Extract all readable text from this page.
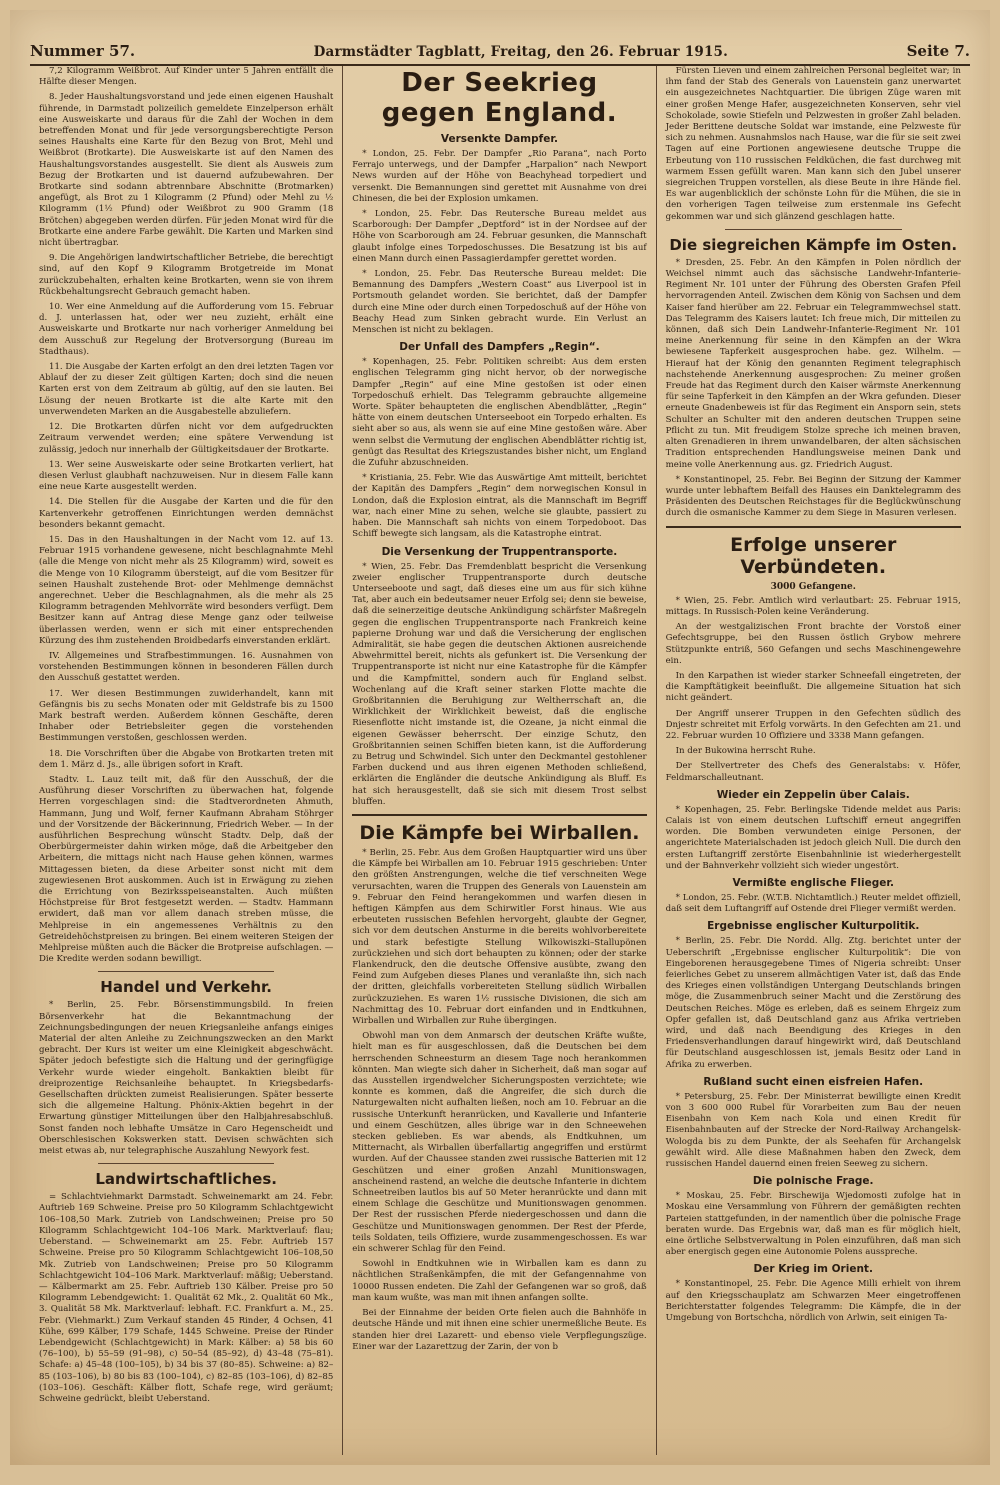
Nummer 57.	Darmstädter Tagblatt, Freitag, den 26. Februar 1915.	Seite 7.

7,2 Kilogramm Weißbrot. Auf Kinder unter 5 Jahren entfällt die Hälfte dieser Mengen.

8. Jeder Haushaltungsvorstand und jede einen eigenen Haushalt führende, in Darmstadt polizeilich gemeldete Einzelperson erhält eine Ausweiskarte und daraus für die Zahl der Wochen in dem betreffenden Monat und für jede versorgungsberechtigte Person seines Haushalts eine Karte für den Bezug von Brot, Mehl und Weißbrot (Brotkarte). Die Ausweiskarte ist auf den Namen des Haushaltungsvorstandes ausgestellt. Sie dient als Ausweis zum Bezug der Brotkarten und ist dauernd aufzubewahren. Der Brotkarte sind sodann abtrennbare Abschnitte (Brotmarken) angefügt, als Brot zu 1 Kilogramm (2 Pfund) oder Mehl zu ½ Kilogramm (1½ Pfund) oder Weißbrot zu 900 Gramm (18 Brötchen) abgegeben werden dürfen. Für jeden Monat wird für die Brotkarte eine andere Farbe gewählt. Die Karten und Marken sind nicht übertragbar.

9. Die Angehörigen landwirtschaftlicher Betriebe, die berechtigt sind, auf den Kopf 9 Kilogramm Brotgetreide im Monat zurückzubehalten, erhalten keine Brotkarten, wenn sie von ihrem Rückbehaltungsrecht Gebrauch gemacht haben.

10. Wer eine Anmeldung auf die Aufforderung vom 15. Februar d. J. unterlassen hat, oder wer neu zuzieht, erhält eine Ausweiskarte und Brotkarte nur nach vorheriger Anmeldung bei dem Ausschuß zur Regelung der Brotversorgung (Bureau im Stadthaus).

11. Die Ausgabe der Karten erfolgt an den drei letzten Tagen vor Ablauf der zu dieser Zeit gültigen Karten; doch sind die neuen Karten erst von dem Zeitraum ab gültig, auf den sie lauten. Bei Lösung der neuen Brotkarte ist die alte Karte mit den unverwendeten Marken an die Ausgabestelle abzuliefern.

12. Die Brotkarten dürfen nicht vor dem aufgedruckten Zeitraum verwendet werden; eine spätere Verwendung ist zulässig, jedoch nur innerhalb der Gültigkeitsdauer der Brotkarte.

13. Wer seine Ausweiskarte oder seine Brotkarten verliert, hat diesen Verlust glaubhaft nachzuweisen. Nur in diesem Falle kann eine neue Karte ausgestellt werden.

14. Die Stellen für die Ausgabe der Karten und die für den Kartenverkehr getroffenen Einrichtungen werden demnächst besonders bekannt gemacht.

15. Das in den Haushaltungen in der Nacht vom 12. auf 13. Februar 1915 vorhandene gewesene, nicht beschlagnahmte Mehl (alle die Menge von nicht mehr als 25 Kilogramm) wird, soweit es die Menge von 10 Kilogramm übersteigt, auf die vom Besitzer für seinen Haushalt zustehende Brot- oder Mehlmenge demnächst angerechnet. Ueber die Beschlagnahmen, als die mehr als 25 Kilogramm betragenden Mehlvorräte wird besonders verfügt. Dem Besitzer kann auf Antrag diese Menge ganz oder teilweise überlassen werden, wenn er sich mit einer entsprechenden Kürzung des ihm zustehenden Broidbedarfs einverstanden erklärt.

IV. Allgemeines und Strafbestimmungen. 16. Ausnahmen von vorstehenden Bestimmungen können in besonderen Fällen durch den Ausschuß gestattet werden.

17. Wer diesen Bestimmungen zuwiderhandelt, kann mit Gefängnis bis zu sechs Monaten oder mit Geldstrafe bis zu 1500 Mark bestraft werden. Außerdem können Geschäfte, deren Inhaber oder Betriebsleiter gegen die vorstehenden Bestimmungen verstoßen, geschlossen werden.

18. Die Vorschriften über die Abgabe von Brotkarten treten mit dem 1. März d. Js., alle übrigen sofort in Kraft.

Stadtv. L. Lauz teilt mit, daß für den Ausschuß, der die Ausführung dieser Vorschriften zu überwachen hat, folgende Herren vorgeschlagen sind: die Stadtverordneten Ahmuth, Hammann, Jung und Wolf, ferner Kaufmann Abraham Stöhrger und der Vorsitzende der Bäckerinnung, Friedrich Weber. — In der ausführlichen Besprechung wünscht Stadtv. Delp, daß der Oberbürgermeister dahin wirken möge, daß die Arbeitgeber den Arbeitern, die mittags nicht nach Hause gehen können, warmes Mittagessen bieten, da diese Arbeiter sonst nicht mit dem zugewiesenen Brot auskommen. Auch ist in Erwägung zu ziehen die Errichtung von Bezirksspeiseanstalten. Auch müßten Höchstpreise für Brot festgesetzt werden. — Stadtv. Hammann erwidert, daß man vor allem danach streben müsse, die Mehlpreise in ein angemessenes Verhältnis zu den Getreidehöchstpreisen zu bringen. Bei einem weiteren Steigen der Mehlpreise müßten auch die Bäcker die Brotpreise aufschlagen. — Die Kredite werden sodann bewilligt.

Handel und Verkehr.

* Berlin, 25. Febr. Börsenstimmungsbild. In freien Börsenverkehr hat die Bekanntmachung der Zeichnungsbedingungen der neuen Kriegsanleihe anfangs einiges Material der alten Anleihe zu Zeichnungszwecken an den Markt gebracht. Der Kurs ist weiter um eine Kleinigkeit abgeschwächt. Später jedoch befestigte sich die Haltung und der geringfügige Verkehr wurde wieder eingeholt. Bankaktien bleibt für dreiprozentige Reichsanleihe behauptet. In Kriegsbedarfs-Gesellschaften drückten zumeist Realisierungen. Später besserte sich die allgemeine Haltung. Phönix-Aktien begehrt in der Erwartung günstiger Mitteilungen über den Halbjahresabschluß. Sonst fanden noch lebhafte Umsätze in Caro Hegenscheidt und Oberschlesischen Kokswerken statt. Devisen schwächten sich meist etwas ab, nur telegraphische Auszahlung Newyork fest.

Landwirtschaftliches.

= Schlachtviehmarkt Darmstadt. Schweinemarkt am 24. Febr. Auftrieb 169 Schweine. Preise pro 50 Kilogramm Schlachtgewicht 106–108,50 Mark. Zutrieb von Landschweinen; Preise pro 50 Kilogramm Schlachtgewicht 104–106 Mark. Marktverlauf: flau; Ueberstand. — Schweinemarkt am 25. Febr. Auftrieb 157 Schweine. Preise pro 50 Kilogramm Schlachtgewicht 106–108,50 Mk. Zutrieb von Landschweinen; Preise pro 50 Kilogramm Schlachtgewicht 104–106 Mark. Marktverlauf: mäßig; Ueberstand. — Kälbermarkt am 25. Febr. Auftrieb 130 Kälber. Preise pro 50 Kilogramm Lebendgewicht: 1. Qualität 62 Mk., 2. Qualität 60 Mk., 3. Qualität 58 Mk. Marktverlauf: lebhaft. F.C. Frankfurt a. M., 25. Febr. (Viehmarkt.) Zum Verkauf standen 45 Rinder, 4 Ochsen, 41 Kühe, 699 Kälber, 179 Schafe, 1445 Schweine. Preise der Rinder Lebendgewicht (Schlachtgewicht) in Mark: Kälber: a) 58 bis 60 (76–100), b) 55–59 (91–98), c) 50–54 (85–92), d) 43–48 (75–81). Schafe: a) 45–48 (100–105), b) 34 bis 37 (80–85). Schweine: a) 82–85 (103–106), b) 80 bis 83 (100–104), c) 82–85 (103–106), d) 82–85 (103–106). Geschäft: Kälber flott, Schafe rege, wird geräumt; Schweine gedrückt, bleibt Ueberstand.

Der Seekrieg gegen England.
Versenkte Dampfer.

* London, 25. Febr. Der Dampfer „Rio Parana“, nach Porto Ferrajo unterwegs, und der Dampfer „Harpalion“ nach Newport News wurden auf der Höhe von Beachyhead torpediert und versenkt. Die Bemannungen sind gerettet mit Ausnahme von drei Chinesen, die bei der Explosion umkamen.

* London, 25. Febr. Das Reutersche Bureau meldet aus Scarborough: Der Dampfer „Deptford“ ist in der Nordsee auf der Höhe von Scarborough am 24. Februar gesunken, die Mannschaft glaubt infolge eines Torpedoschusses. Die Besatzung ist bis auf einen Mann durch einen Passagierdampfer gerettet worden.

* London, 25. Febr. Das Reutersche Bureau meldet: Die Bemannung des Dampfers „Western Coast“ aus Liverpool ist in Portsmouth gelandet worden. Sie berichtet, daß der Dampfer durch eine Mine oder durch einen Torpedoschuß auf der Höhe von Beachy Head zum Sinken gebracht wurde. Ein Verlust an Menschen ist nicht zu beklagen.

Der Unfall des Dampfers „Regin“.

* Kopenhagen, 25. Febr. Politiken schreibt: Aus dem ersten englischen Telegramm ging nicht hervor, ob der norwegische Dampfer „Regin“ auf eine Mine gestoßen ist oder einen Torpedoschuß erhielt. Das Telegramm gebrauchte allgemeine Worte. Später behaupteten die englischen Abendblätter, „Regin“ hätte von einem deutschen Unterseeboot ein Torpedo erhalten. Es sieht aber so aus, als wenn sie auf eine Mine gestoßen wäre. Aber wenn selbst die Vermutung der englischen Abendblätter richtig ist, genügt das Resultat des Kriegszustandes bisher nicht, um England die Zufuhr abzuschneiden.

* Kristiania, 25. Febr. Wie das Auswärtige Amt mitteilt, berichtet der Kapitän des Dampfers „Regin“ dem norwegischen Konsul in London, daß die Explosion eintrat, als die Mannschaft im Begriff war, nach einer Mine zu sehen, welche sie glaubte, passiert zu haben. Die Mannschaft sah nichts von einem Torpedoboot. Das Schiff bewegte sich langsam, als die Katastrophe eintrat.

Die Versenkung der Truppentransporte.

* Wien, 25. Febr. Das Fremdenblatt bespricht die Versenkung zweier englischer Truppentransporte durch deutsche Unterseeboote und sagt, daß dieses eine um aus für sich kühne Tat, aber auch ein bedeutsamer neuer Erfolg sei; denn sie beweise, daß die seinerzeitige deutsche Ankündigung schärfster Maßregeln gegen die englischen Truppentransporte nach Frankreich keine papierne Drohung war und daß die Versicherung der englischen Admiralität, sie habe gegen die deutschen Aktionen ausreichende Abwehrmittel bereit, nichts als gefunkert ist. Die Versenkung der Truppentransporte ist nicht nur eine Katastrophe für die Kämpfer und die Kampfmittel, sondern auch für England selbst. Wochenlang auf die Kraft seiner starken Flotte machte die Großbritannien die Beruhigung zur Weltherrschaft an, die Wirklichkeit der Wirklichkeit beweist, daß die englische Riesenflotte nicht imstande ist, die Ozeane, ja nicht einmal die eigenen Gewässer beherrscht. Der einzige Schutz, den Großbritannien seinen Schiffen bieten kann, ist die Aufforderung zu Betrug und Schwindel. Sich unter den Deckmantel gestohlener Farben duckend und aus ihren eigenen Methoden schließend, erklärten die Engländer die deutsche Ankündigung als Bluff. Es hat sich herausgestellt, daß sie sich mit diesem Trost selbst bluffen.

Die Kämpfe bei Wirballen.

* Berlin, 25. Febr. Aus dem Großen Hauptquartier wird uns über die Kämpfe bei Wirballen am 10. Februar 1915 geschrieben: Unter den größten Anstrengungen, welche die tief verschneiten Wege verursachten, waren die Truppen des Generals von Lauenstein am 9. Februar den Feind herangekommen und warfen diesen in heftigen Kämpfen aus dem Schirwitler Forst hinaus. Wie aus erbeuteten russischen Befehlen hervorgeht, glaubte der Gegner, sich vor dem deutschen Ansturme in die bereits wohlvorbereitete und stark befestigte Stellung Wilkowiszki–Stallupönen zurückziehen und sich dort behaupten zu können; oder der starke Flankendruck, den die deutsche Offensive ausübte, zwang den Feind zum Aufgeben dieses Planes und veranlaßte ihn, sich nach der dritten, gleichfalls vorbereiteten Stellung südlich Wirballen zurückzuziehen. Es waren 1½ russische Divisionen, die sich am Nachmittag des 10. Februar dort einfanden und in Endtkuhnen, Wirballen und Wirballen zur Ruhe übergingen.

Obwohl man von dem Anmarsch der deutschen Kräfte wußte, hielt man es für ausgeschlossen, daß die Deutschen bei dem herrschenden Schneesturm an diesem Tage noch herankommen könnten. Man wiegte sich daher in Sicherheit, daß man sogar auf das Ausstellen irgendwelcher Sicherungsposten verzichtete; wie konnte es kommen, daß die Angreifer, die sich durch die Naturgewalten nicht aufhalten ließen, noch am 10. Februar an die russische Unterkunft heranrücken, und Kavallerie und Infanterie und einem Geschützen, alles übrige war in den Schneewehen stecken geblieben. Es war abends, als Endtkuhnen, um Mitternacht, als Wirballen überfallartig angegriffen und erstürmt wurden. Auf der Chaussee standen zwei russische Batterien mit 12 Geschützen und einer großen Anzahl Munitionswagen, anscheinend rastend, an welche die deutsche Infanterie in dichtem Schneetreiben lautlos bis auf 50 Meter heranrückte und dann mit einem Schlage die Geschütze und Munitionswagen genommen. Der Rest der russischen Pferde niedergeschossen und dann die Geschütze und Munitionswagen genommen. Der Rest der Pferde, teils Soldaten, teils Offiziere, wurde zusammengeschossen. Es war ein schwerer Schlag für den Feind.

Sowohl in Endtkuhnen wie in Wirballen kam es dann zu nächtlichen Straßenkämpfen, die mit der Gefangennahme von 10000 Russen endeten. Die Zahl der Gefangenen war so groß, daß man kaum wußte, was man mit ihnen anfangen sollte.

Bei der Einnahme der beiden Orte fielen auch die Bahnhöfe in deutsche Hände und mit ihnen eine schier unermeßliche Beute. Es standen hier drei Lazarett- und ebenso viele Verpflegungszüge. Einer war der Lazarettzug der Zarin, der von b

Fürsten Lieven und einem zahlreichen Personal begleitet war; in ihm fand der Stab des Generals von Lauenstein ganz unerwartet ein ausgezeichnetes Nachtquartier. Die übrigen Züge waren mit einer großen Menge Hafer, ausgezeichneten Konserven, sehr viel Schokolade, sowie Stiefeln und Pelzwesten in großer Zahl beladen. Jeder Berittene deutsche Soldat war imstande, eine Pelzweste für sich zu nehmen. Ausnahmslos nach Hause, war die für sie seit zwei Tagen auf eine Portionen angewiesene deutsche Truppe die Erbeutung von 110 russischen Feldküchen, die fast durchweg mit warmem Essen gefüllt waren. Man kann sich den Jubel unserer siegreichen Truppen vorstellen, als diese Beute in ihre Hände fiel. Es war augenblicklich der schönste Lohn für die Mühen, die sie in den vorherigen Tagen teilweise zum erstenmale ins Gefecht gekommen war und sich glänzend geschlagen hatte.

Die siegreichen Kämpfe im Osten.

* Dresden, 25. Febr. An den Kämpfen in Polen nördlich der Weichsel nimmt auch das sächsische Landwehr-Infanterie-Regiment Nr. 101 unter der Führung des Obersten Grafen Pfeil hervorragenden Anteil. Zwischen dem König von Sachsen und dem Kaiser fand hierüber am 22. Februar ein Telegrammwechsel statt. Das Telegramm des Kaisers lautet: Ich freue mich, Dir mitteilen zu können, daß sich Dein Landwehr-Infanterie-Regiment Nr. 101 meine Anerkennung für seine in den Kämpfen an der Wkra bewiesene Tapferkeit ausgesprochen habe. gez. Wilhelm. — Hierauf hat der König den genannten Regiment telegraphisch nachstehende Anerkennung ausgesprochen: Zu meiner großen Freude hat das Regiment durch den Kaiser wärmste Anerkennung für seine Tapferkeit in den Kämpfen an der Wkra gefunden. Dieser erneute Gnadenbeweis ist für das Regiment ein Ansporn sein, stets Schulter an Schulter mit den anderen deutschen Truppen seine Pflicht zu tun. Mit freudigem Stolze spreche ich meinen braven, alten Grenadieren in ihrem unwandelbaren, der alten sächsischen Tradition entsprechenden Handlungsweise meinen Dank und meine volle Anerkennung aus. gz. Friedrich August.

* Konstantinopel, 25. Febr. Bei Beginn der Sitzung der Kammer wurde unter lebhaftem Beifall des Hauses ein Danktelegramm des Präsidenten des Deutschen Reichstages für die Beglückwünschung durch die osmanische Kammer zu dem Siege in Masuren verlesen.

Erfolge unserer Verbündeten.
3000 Gefangene.

* Wien, 25. Febr. Amtlich wird verlautbart: 25. Februar 1915, mittags. In Russisch-Polen keine Veränderung.

An der westgalizischen Front brachte der Vorstoß einer Gefechtsgruppe, bei den Russen östlich Grybow mehrere Stützpunkte entriß, 560 Gefangen und sechs Maschinengewehre ein.

In den Karpathen ist wieder starker Schneefall eingetreten, der die Kampftätigkeit beeinflußt. Die allgemeine Situation hat sich nicht geändert.

Der Angriff unserer Truppen in den Gefechten südlich des Dnjestr schreitet mit Erfolg vorwärts. In den Gefechten am 21. und 22. Februar wurden 10 Offiziere und 3338 Mann gefangen.

In der Bukowina herrscht Ruhe.

Der Stellvertreter des Chefs des Generalstabs: v. Höfer, Feldmarschalleutnant.

Wieder ein Zeppelin über Calais.

* Kopenhagen, 25. Febr. Berlingske Tidende meldet aus Paris: Calais ist von einem deutschen Luftschiff erneut angegriffen worden. Die Bomben verwundeten einige Personen, der angerichtete Materialschaden ist jedoch gleich Null. Die durch den ersten Luftangriff zerstörte Eisenbahnlinie ist wiederhergestellt und der Bahnverkehr vollzieht sich wieder ungestört.

Vermißte englische Flieger.

* London, 25. Febr. (W.T.B. Nichtamtlich.) Reuter meldet offiziell, daß seit dem Luftangriff auf Ostende drei Flieger vermißt werden.

Ergebnisse englischer Kulturpolitik.

* Berlin, 25. Febr. Die Nordd. Allg. Ztg. berichtet unter der Ueberschrift „Ergebnisse englischer Kulturpolitik“: Die von Eingeborenen herausgegebene Times of Nigeria schreibt: Unser feierliches Gebet zu unserem allmächtigen Vater ist, daß das Ende des Krieges einen vollständigen Untergang Deutschlands bringen möge, die Zusammenbruch seiner Macht und die Zerstörung des Deutschen Reiches. Möge es erleben, daß es seinem Ehrgeiz zum Opfer gefallen ist, daß Deutschland ganz aus Afrika vertrieben wird, und daß nach Beendigung des Krieges in den Friedensverhandlungen darauf hingewirkt wird, daß Deutschland für Deutschland ausgeschlossen ist, jemals Besitz oder Land in Afrika zu erwerben.

Rußland sucht einen eisfreien Hafen.

* Petersburg, 25. Febr. Der Ministerrat bewilligte einen Kredit von 3 600 000 Rubel für Vorarbeiten zum Bau der neuen Eisenbahn von Kem nach Kola und einen Kredit für Eisenbahnbauten auf der Strecke der Nord-Railway Archangelsk-Wologda bis zu dem Punkte, der als Seehafen für Archangelsk gewählt wird. Alle diese Maßnahmen haben den Zweck, dem russischen Handel dauernd einen freien Seeweg zu sichern.

Die polnische Frage.

* Moskau, 25. Febr. Birschewija Wjedomosti zufolge hat in Moskau eine Versammlung von Führern der gemäßigten rechten Parteien stattgefunden, in der namentlich über die polnische Frage beraten wurde. Das Ergebnis war, daß man es für möglich hielt, eine örtliche Selbstverwaltung in Polen einzuführen, daß man sich aber energisch gegen eine Autonomie Polens ausspreche.

Der Krieg im Orient.

* Konstantinopel, 25. Febr. Die Agence Milli erhielt von ihrem auf den Kriegsschauplatz am Schwarzen Meer eingetroffenen Berichterstatter folgendes Telegramm: Die Kämpfe, die in der Umgebung von Bortschcha, nördlich von Arlwin, seit einigen Ta-
